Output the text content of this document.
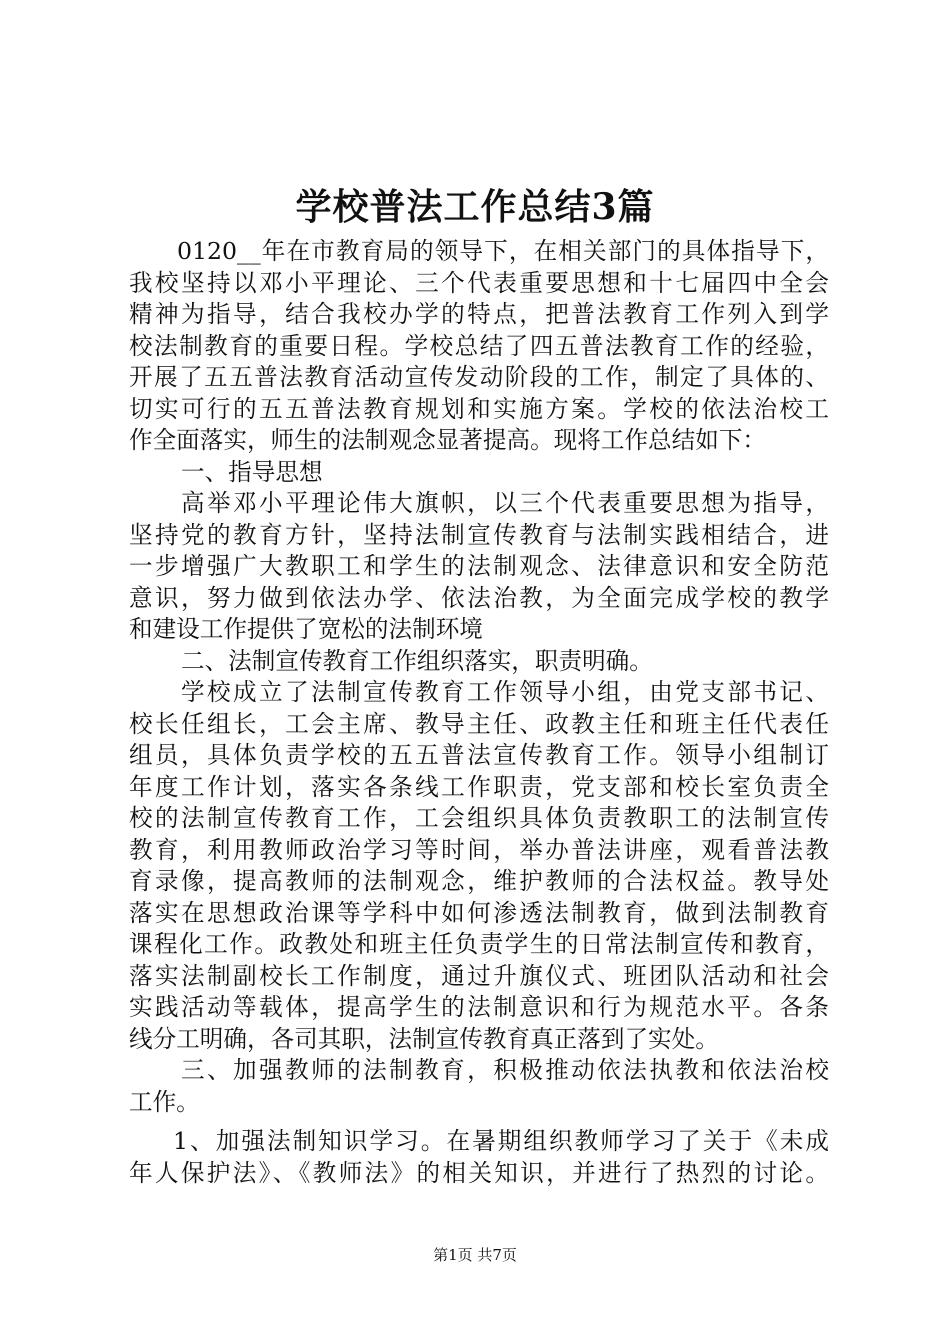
学校普法工作总结3篇
0120__年在市教育局的领导下，在相关部门的具体指导下，
我校坚持以邓小平理论、三个代表重要思想和十七届四中全会
精神为指导，结合我校办学的特点，把普法教育工作列入到学
校法制教育的重要日程。学校总结了四五普法教育工作的经验，
开展了五五普法教育活动宣传发动阶段的工作，制定了具体的、
切实可行的五五普法教育规划和实施方案。学校的依法治校工
作全面落实，师生的法制观念显著提高。现将工作总结如下：
一、指导思想
高举邓小平理论伟大旗帜，以三个代表重要思想为指导，
坚持党的教育方针，坚持法制宣传教育与法制实践相结合，进
一步增强广大教职工和学生的法制观念、法律意识和安全防范
意识，努力做到依法办学、依法治教，为全面完成学校的教学
和建设工作提供了宽松的法制环境
二、法制宣传教育工作组织落实，职责明确。
学校成立了法制宣传教育工作领导小组，由党支部书记、
校长任组长，工会主席、教导主任、政教主任和班主任代表任
组员，具体负责学校的五五普法宣传教育工作。领导小组制订
年度工作计划，落实各条线工作职责，党支部和校长室负责全
校的法制宣传教育工作，工会组织具体负责教职工的法制宣传
教育，利用教师政治学习等时间，举办普法讲座，观看普法教
育录像，提高教师的法制观念，维护教师的合法权益。教导处
落实在思想政治课等学科中如何渗透法制教育，做到法制教育
课程化工作。政教处和班主任负责学生的日常法制宣传和教育，
落实法制副校长工作制度，通过升旗仪式、班团队活动和社会
实践活动等载体，提高学生的法制意识和行为规范水平。各条
线分工明确，各司其职，法制宣传教育真正落到了实处。
三、加强教师的法制教育，积极推动依法执教和依法治校
工作。
1、加强法制知识学习。在暑期组织教师学习了关于《未成
年人保护法》、《教师法》的相关知识，并进行了热烈的讨论。
第1页 共7页
